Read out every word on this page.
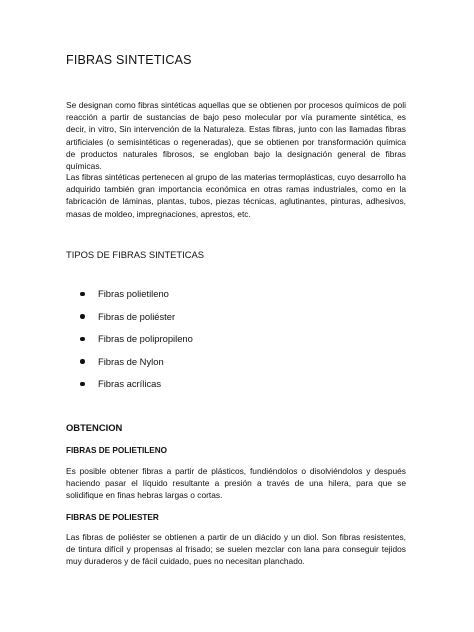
FIBRAS SINTETICAS

Se designan como fibras sintéticas aquellas que se obtienen por procesos químicos de poli reacción a partir de sustancias de bajo peso molecular por vía puramente sintética, es decir, in vitro, Sin intervención de la Naturaleza. Estas fibras, junto con las llamadas fibras artificiales (o semisintéticas o regeneradas), que se obtienen por transformación química de productos naturales fibrosos, se engloban bajo la designación general de fibras químicas.

Las fibras sintéticas pertenecen al grupo de las materias termoplásticas, cuyo desarrollo ha adquirido también gran importancia económica en otras ramas industriales, como en la fabricación de láminas, plantas, tubos, piezas técnicas, aglutinantes, pinturas, adhesivos, masas de moldeo, impregnaciones, aprestos, etc.

TIPOS DE FIBRAS SINTETICAS
Fibras polietileno
Fibras de poliéster
Fibras de polipropileno
Fibras de Nylon
Fibras acrílicas
OBTENCION
FIBRAS DE POLIETILENO

Es posible obtener fibras a partir de plásticos, fundiéndolos o disolviéndolos y después haciendo pasar el líquido resultante a presión a través de una hilera, para que se solidifique en finas hebras largas o cortas.

FIBRAS DE POLIESTER

Las fibras de poliéster se obtienen a partir de un diácido y un diol. Son fibras resistentes, de tintura difícil y propensas al frisado; se suelen mezclar con lana para conseguir tejidos muy duraderos y de fácil cuidado, pues no necesitan planchado.
